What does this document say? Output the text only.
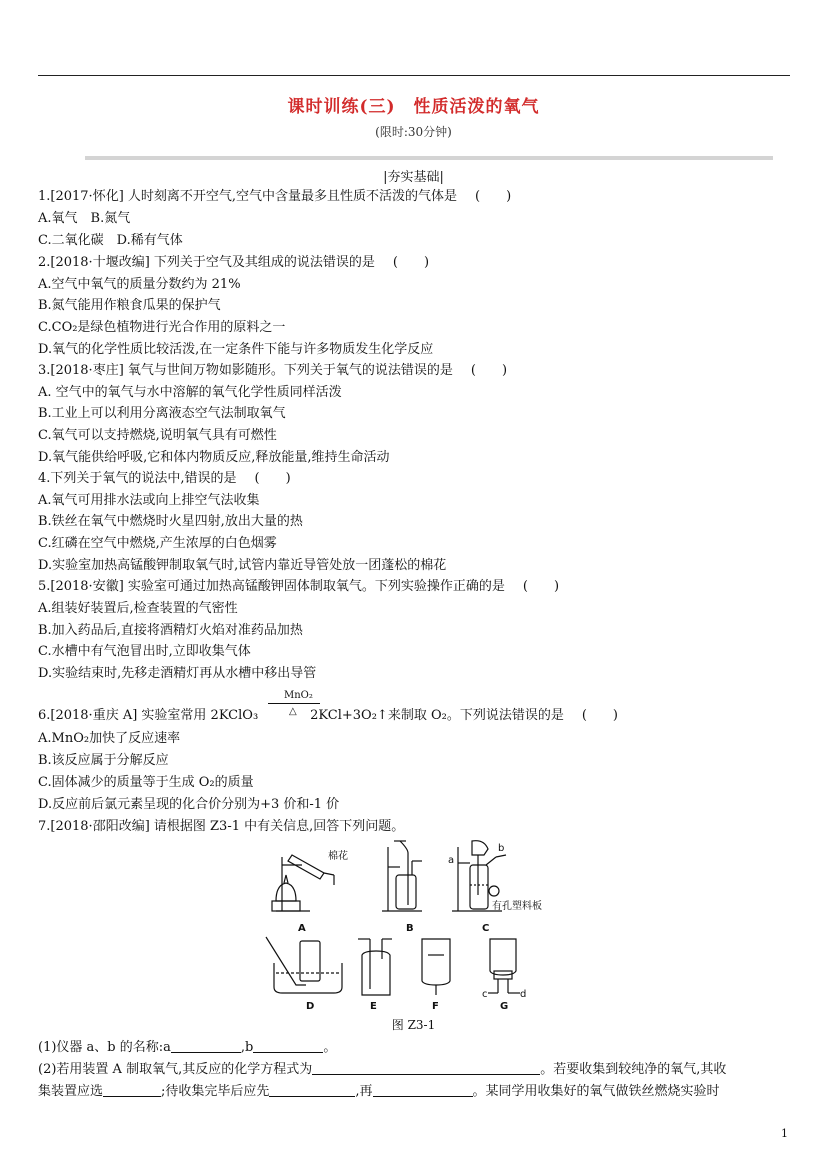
课时训练(三)　性质活泼的氧气
(限时:30分钟)
|夯实基础|
1.[2017·怀化] 人时刻离不开空气,空气中含量最多且性质不活泼的气体是 (　　)
A.氧气　B.氮气
C.二氧化碳　D.稀有气体
2.[2018·十堰改编] 下列关于空气及其组成的说法错误的是 (　　)
A.空气中氧气的质量分数约为 21%
B.氮气能用作粮食瓜果的保护气
C.CO₂是绿色植物进行光合作用的原料之一
D.氧气的化学性质比较活泼,在一定条件下能与许多物质发生化学反应
3.[2018·枣庄] 氧气与世间万物如影随形。下列关于氧气的说法错误的是 (　　)
A. 空气中的氧气与水中溶解的氧气化学性质同样活泼
B.工业上可以利用分离液态空气法制取氧气
C.氧气可以支持燃烧,说明氧气具有可燃性
D.氧气能供给呼吸,它和体内物质反应,释放能量,维持生命活动
4.下列关于氧气的说法中,错误的是 (　　)
A.氧气可用排水法或向上排空气法收集
B.铁丝在氧气中燃烧时火星四射,放出大量的热
C.红磷在空气中燃烧,产生浓厚的白色烟雾
D.实验室加热高锰酸钾制取氧气时,试管内靠近导管处放一团蓬松的棉花
5.[2018·安徽] 实验室可通过加热高锰酸钾固体制取氧气。下列实验操作正确的是 (　　)
A.组装好装置后,检查装置的气密性
B.加入药品后,直接将酒精灯火焰对准药品加热
C.水槽中有气泡冒出时,立即收集气体
D.实验结束时,先移走酒精灯再从水槽中移出导管
MnO₂
△
6.[2018·重庆 A] 实验室常用 2KClO₃	2KCl+3O₂↑来制取 O₂。下列说法错误的是 (　　)
A.MnO₂加快了反应速率
B.该反应属于分解反应
C.固体减少的质量等于生成 O₂的质量
D.反应前后氯元素呈现的化合价分别为+3 价和-1 价
7.[2018·邵阳改编] 请根据图 Z3-1 中有关信息,回答下列问题。
棉花
有孔塑料板
a
b
c	d
A	B	C
D	E	F	G
图 Z3-1
(1)仪器 a、b 的名称:a	,b	。
(2)若用装置 A 制取氧气,其反应的化学方程式为	。若要收集到较纯净的氧气,其收
集装置应选	;待收集完毕后应先	,再	。某同学用收集好的氧气做铁丝燃烧实验时
1
